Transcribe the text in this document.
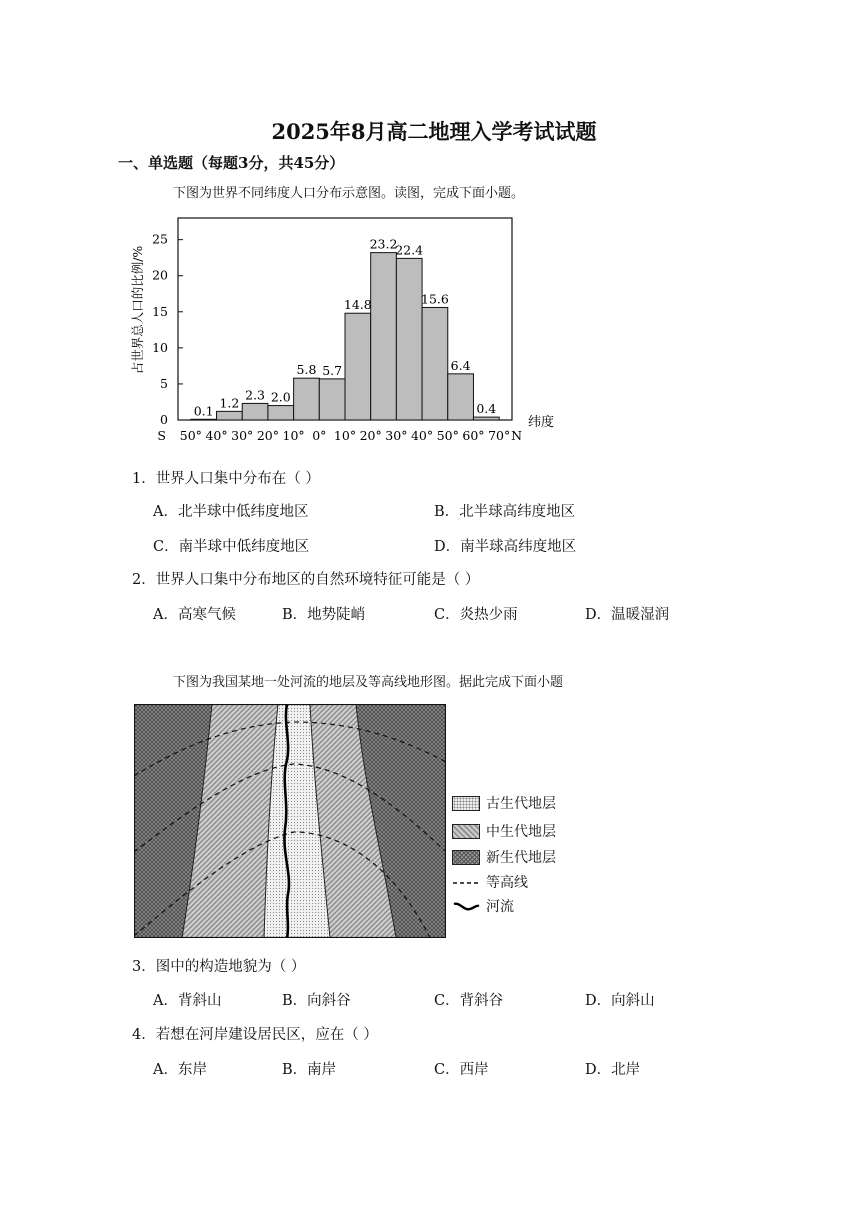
2025年8月高二地理入学考试试题
一、单选题（每题3分，共45分）
下图为世界不同纬度人口分布示意图。读图，完成下面小题。
0.1
1.2
2.3 2.0
5.8 5.7
14.8
23.2
22.4
15.6
6.4
0.4
0
5
10
15
20
25
50° 40° 30° 20° 10° 0° 10° 20° 30° 40° 50° 60° 70°
S	N
占世界总人口的比例/%
纬度
1．世界人口集中分布在（ ）
A．北半球中低纬度地区	B．北半球高纬度地区
C．南半球中低纬度地区	D．南半球高纬度地区
2．世界人口集中分布地区的自然环境特征可能是（ ）
A．高寒气候	B．地势陡峭	C．炎热少雨	D．温暖湿润
下图为我国某地一处河流的地层及等高线地形图。据此完成下面小题
古生代地层
中生代地层
新生代地层
等高线
河流
3．图中的构造地貌为（ ）
A．背斜山	B．向斜谷	C．背斜谷	D．向斜山
4．若想在河岸建设居民区，应在（ ）
A．东岸	B．南岸	C．西岸	D．北岸
